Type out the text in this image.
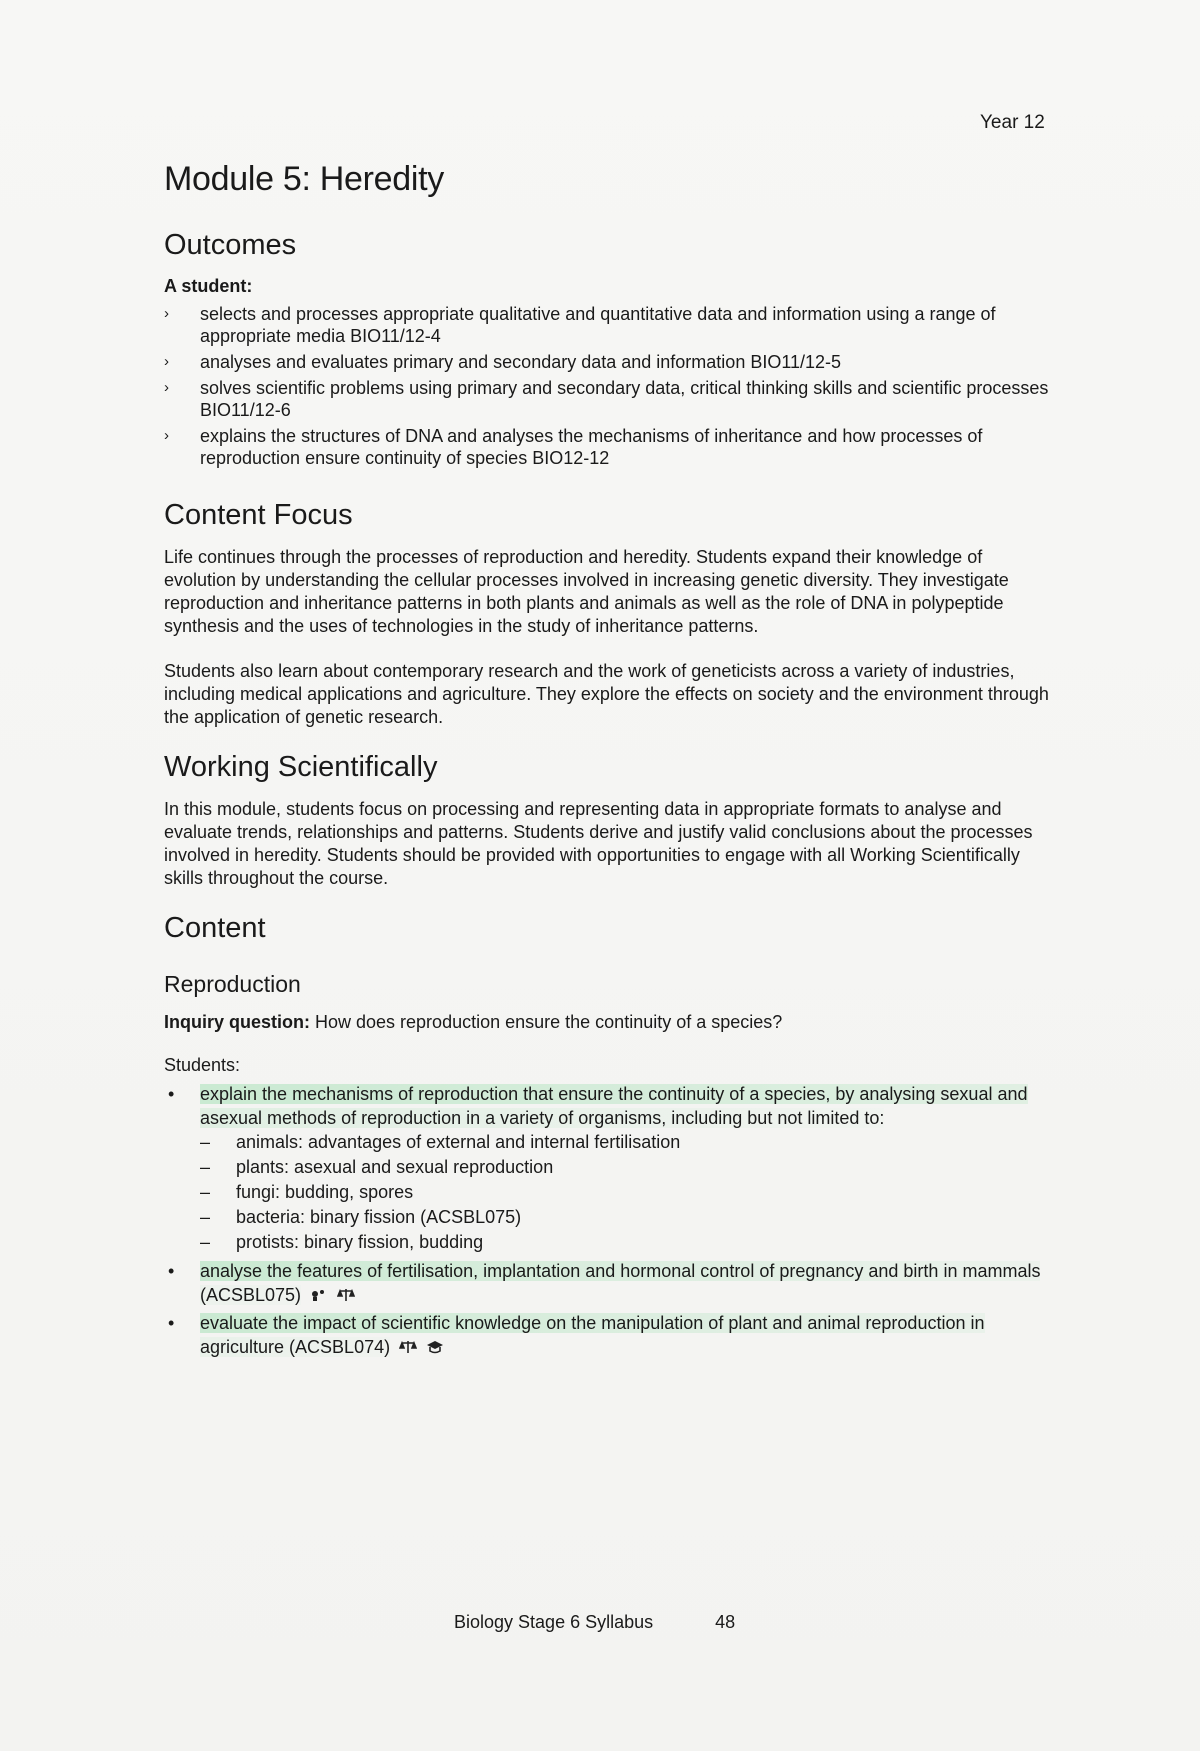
Year 12
Module 5: Heredity
Outcomes
A student:
› selects and processes appropriate qualitative and quantitative data and information using a range of appropriate media BIO11/12-4
› analyses and evaluates primary and secondary data and information BIO11/12-5
› solves scientific problems using primary and secondary data, critical thinking skills and scientific processes BIO11/12-6
› explains the structures of DNA and analyses the mechanisms of inheritance and how processes of reproduction ensure continuity of species BIO12-12
Content Focus

Life continues through the processes of reproduction and heredity. Students expand their knowledge of evolution by understanding the cellular processes involved in increasing genetic diversity. They investigate reproduction and inheritance patterns in both plants and animals as well as the role of DNA in polypeptide synthesis and the uses of technologies in the study of inheritance patterns.

Students also learn about contemporary research and the work of geneticists across a variety of industries, including medical applications and agriculture. They explore the effects on society and the environment through the application of genetic research.

Working Scientifically

In this module, students focus on processing and representing data in appropriate formats to analyse and evaluate trends, relationships and patterns. Students derive and justify valid conclusions about the processes involved in heredity. Students should be provided with opportunities to engage with all Working Scientifically skills throughout the course.

Content
Reproduction
Inquiry question: How does reproduction ensure the continuity of a species?
Students:
• explain the mechanisms of reproduction that ensure the continuity of a species, by analysing sexual and asexual methods of reproduction in a variety of organisms, including but not limited to:
– animals: advantages of external and internal fertilisation
– plants: asexual and sexual reproduction
– fungi: budding, spores
– bacteria: binary fission (ACSBL075)
– protists: binary fission, budding
• analyse the features of fertilisation, implantation and hormonal control of pregnancy and birth in mammals (ACSBL075)
• evaluate the impact of scientific knowledge on the manipulation of plant and animal reproduction in agriculture (ACSBL074)
Biology Stage 6 Syllabus	48
